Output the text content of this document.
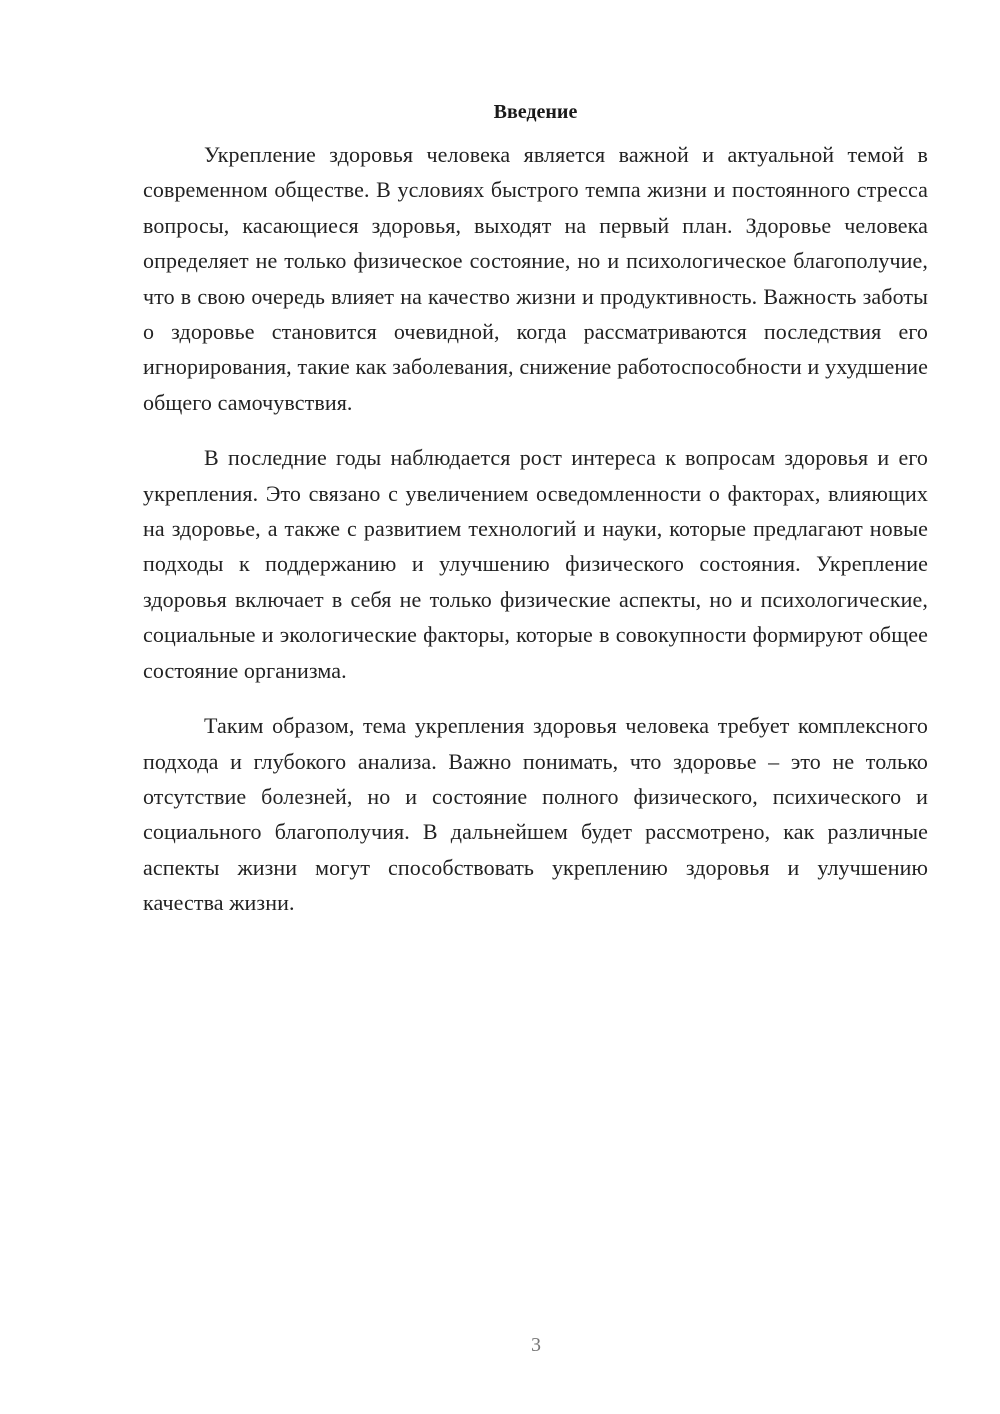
Введение

Укрепление здоровья человека является важной и актуальной темой в современном обществе. В условиях быстрого темпа жизни и постоянного стресса вопросы, касающиеся здоровья, выходят на первый план. Здоровье человека определяет не только физическое состояние, но и психологическое благополучие, что в свою очередь влияет на качество жизни и продуктивность. Важность заботы о здоровье становится очевидной, когда рассматриваются последствия его игнорирования, такие как заболевания, снижение работоспособности и ухудшение общего самочувствия.

В последние годы наблюдается рост интереса к вопросам здоровья и его укрепления. Это связано с увеличением осведомленности о факторах, влияющих на здоровье, а также с развитием технологий и науки, которые предлагают новые подходы к поддержанию и улучшению физического состояния. Укрепление здоровья включает в себя не только физические аспекты, но и психологические, социальные и экологические факторы, которые в совокупности формируют общее состояние организма.

Таким образом, тема укрепления здоровья человека требует комплексного подхода и глубокого анализа. Важно понимать, что здоровье – это не только отсутствие болезней, но и состояние полного физического, психического и социального благополучия. В дальнейшем будет рассмотрено, как различные аспекты жизни могут способствовать укреплению здоровья и улучшению качества жизни.

3
